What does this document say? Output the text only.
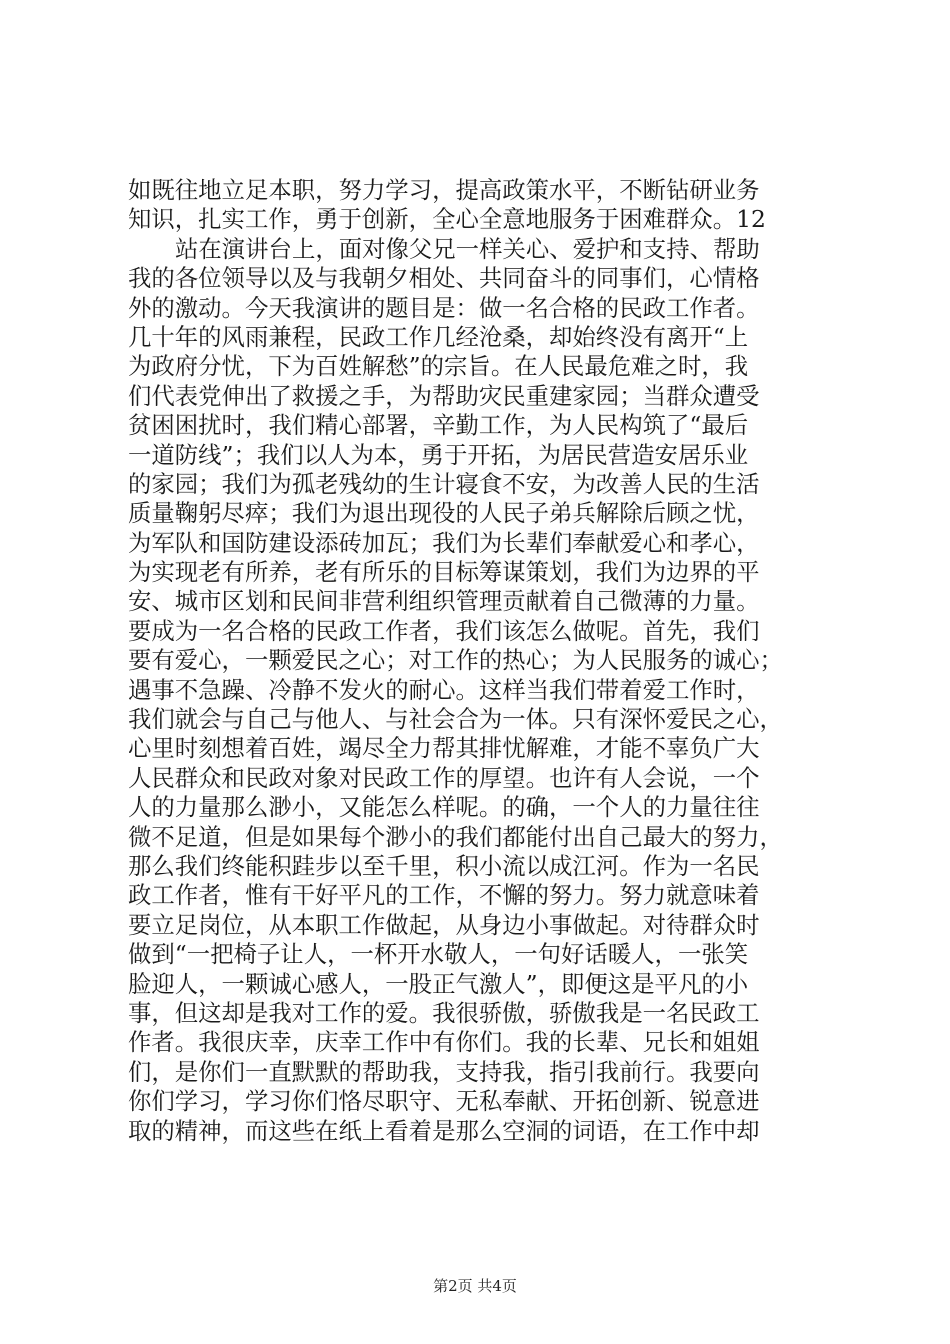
如既往地立足本职，努力学习，提高政策水平，不断钻研业务
知识，扎实工作，勇于创新，全心全意地服务于困难群众。12
站在演讲台上，面对像父兄一样关心、爱护和支持、帮助
我的各位领导以及与我朝夕相处、共同奋斗的同事们，心情格
外的激动。今天我演讲的题目是：做一名合格的民政工作者。
几十年的风雨兼程，民政工作几经沧桑，却始终没有离开“上
为政府分忧，下为百姓解愁”的宗旨。在人民最危难之时，我
们代表党伸出了救援之手，为帮助灾民重建家园；当群众遭受
贫困困扰时，我们精心部署，辛勤工作，为人民构筑了“最后
一道防线”；我们以人为本，勇于开拓，为居民营造安居乐业
的家园；我们为孤老残幼的生计寝食不安，为改善人民的生活
质量鞠躬尽瘁；我们为退出现役的人民子弟兵解除后顾之忧，
为军队和国防建设添砖加瓦；我们为长辈们奉献爱心和孝心，
为实现老有所养，老有所乐的目标筹谋策划，我们为边界的平
安、城市区划和民间非营利组织管理贡献着自己微薄的力量。
要成为一名合格的民政工作者，我们该怎么做呢。首先，我们
要有爱心，一颗爱民之心；对工作的热心；为人民服务的诚心；
遇事不急躁、冷静不发火的耐心。这样当我们带着爱工作时，
我们就会与自己与他人、与社会合为一体。只有深怀爱民之心，
心里时刻想着百姓，竭尽全力帮其排忧解难，才能不辜负广大
人民群众和民政对象对民政工作的厚望。也许有人会说，一个
人的力量那么渺小，又能怎么样呢。的确，一个人的力量往往
微不足道，但是如果每个渺小的我们都能付出自己最大的努力，
那么我们终能积跬步以至千里，积小流以成江河。作为一名民
政工作者，惟有干好平凡的工作，不懈的努力。努力就意味着
要立足岗位，从本职工作做起，从身边小事做起。对待群众时
做到“一把椅子让人，一杯开水敬人，一句好话暖人，一张笑
脸迎人，一颗诚心感人，一股正气激人”，即便这是平凡的小
事，但这却是我对工作的爱。我很骄傲，骄傲我是一名民政工
作者。我很庆幸，庆幸工作中有你们。我的长辈、兄长和姐姐
们，是你们一直默默的帮助我，支持我，指引我前行。我要向
你们学习，学习你们恪尽职守、无私奉献、开拓创新、锐意进
取的精神，而这些在纸上看着是那么空洞的词语，在工作中却
第2页 共4页
